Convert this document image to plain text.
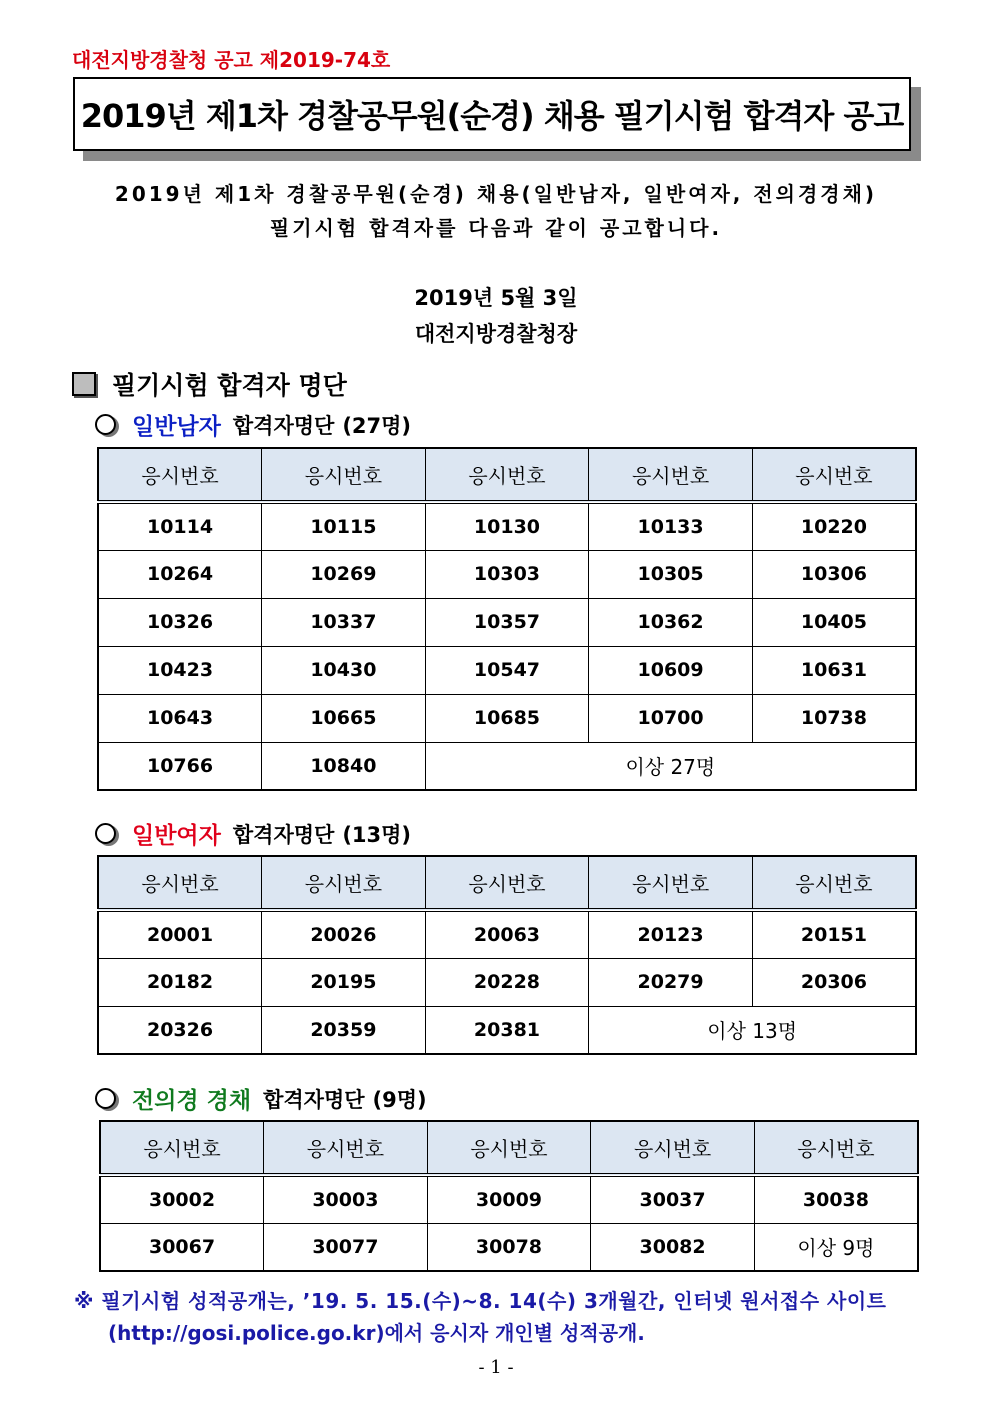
대전지방경찰청 공고 제2019-74호
2019년 제1차 경찰공무원(순경) 채용 필기시험 합격자 공고
2019년 제1차 경찰공무원(순경) 채용(일반남자, 일반여자, 전의경경채)
필기시험 합격자를 다음과 같이 공고합니다.
2019년 5월 3일
대전지방경찰청장
필기시험 합격자 명단
일반남자 합격자명단 (27명)
응시번호	응시번호	응시번호	응시번호	응시번호
10114	10115	10130	10133	10220
10264	10269	10303	10305	10306
10326	10337	10357	10362	10405
10423	10430	10547	10609	10631
10643	10665	10685	10700	10738
10766	10840	이상 27명		
일반여자 합격자명단 (13명)
응시번호	응시번호	응시번호	응시번호	응시번호
20001	20026	20063	20123	20151
20182	20195	20228	20279	20306
20326	20359	20381	이상 13명	
전의경 경채 합격자명단 (9명)
응시번호	응시번호	응시번호	응시번호	응시번호
30002	30003	30009	30037	30038
30067	30077	30078	30082	이상 9명
※ 필기시험 성적공개는, ’19. 5. 15.(수)~8. 14(수) 3개월간, 인터넷 원서접수 사이트
(http://gosi.police.go.kr)에서 응시자 개인별 성적공개.
- 1 -
